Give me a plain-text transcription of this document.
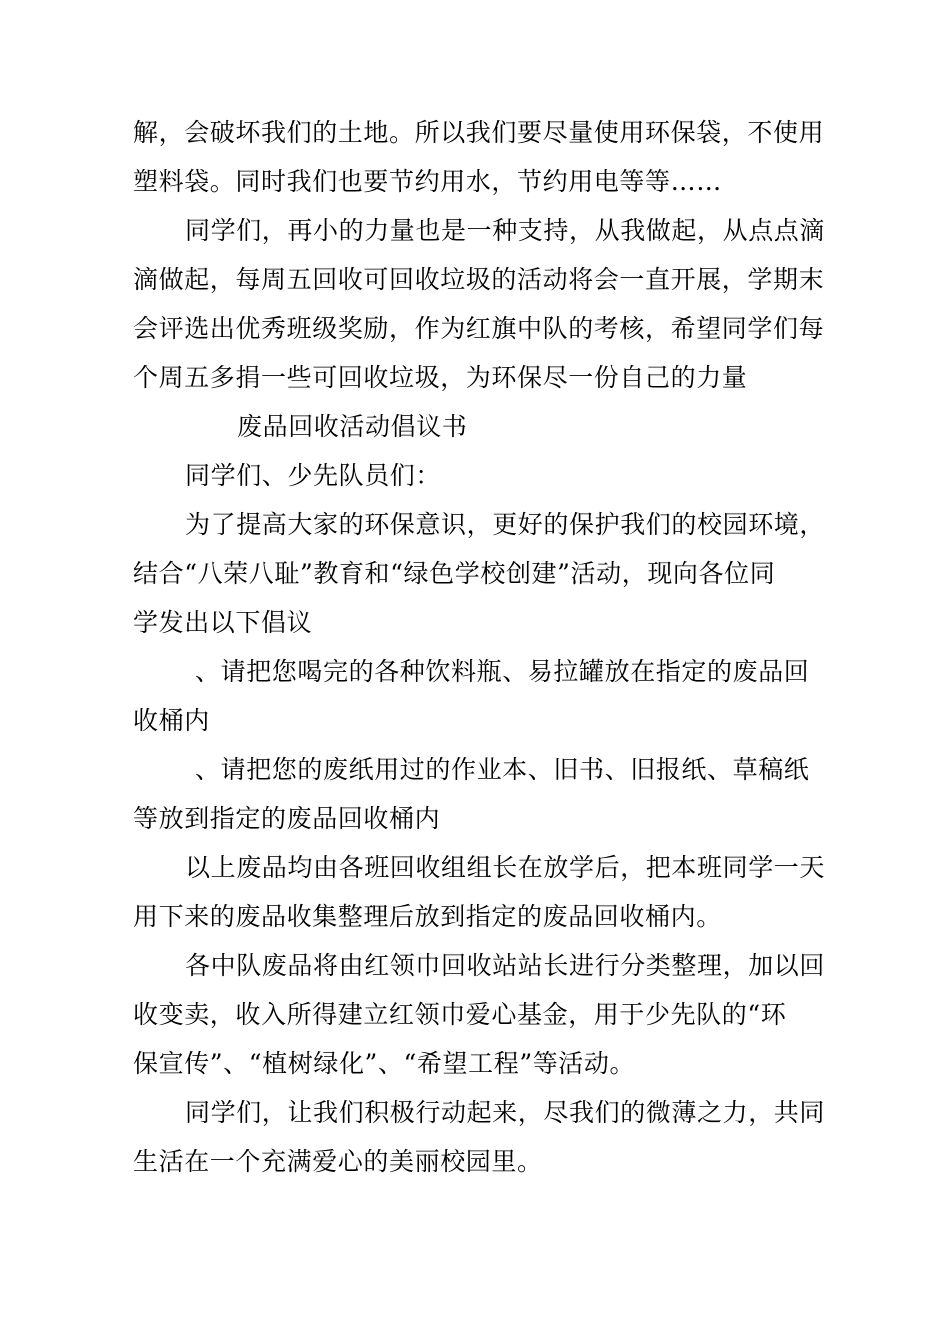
解，会破坏我们的土地。所以我们要尽量使用环保袋，不使用
塑料袋。同时我们也要节约用水，节约用电等等……
同学们，再小的力量也是一种支持，从我做起，从点点滴
滴做起，每周五回收可回收垃圾的活动将会一直开展，学期末
会评选出优秀班级奖励，作为红旗中队的考核，希望同学们每
个周五多捐一些可回收垃圾，为环保尽一份自己的力量
废品回收活动倡议书
同学们、少先队员们：
为了提高大家的环保意识，更好的保护我们的校园环境，
结合“八荣八耻”教育和“绿色学校创建”活动，现向各位同
学发出以下倡议
、请把您喝完的各种饮料瓶、易拉罐放在指定的废品回
收桶内
、请把您的废纸用过的作业本、旧书、旧报纸、草稿纸
等放到指定的废品回收桶内
以上废品均由各班回收组组长在放学后，把本班同学一天
用下来的废品收集整理后放到指定的废品回收桶内。
各中队废品将由红领巾回收站站长进行分类整理，加以回
收变卖，收入所得建立红领巾爱心基金，用于少先队的“环
保宣传”、“植树绿化”、“希望工程”等活动。
同学们，让我们积极行动起来，尽我们的微薄之力，共同
生活在一个充满爱心的美丽校园里。
